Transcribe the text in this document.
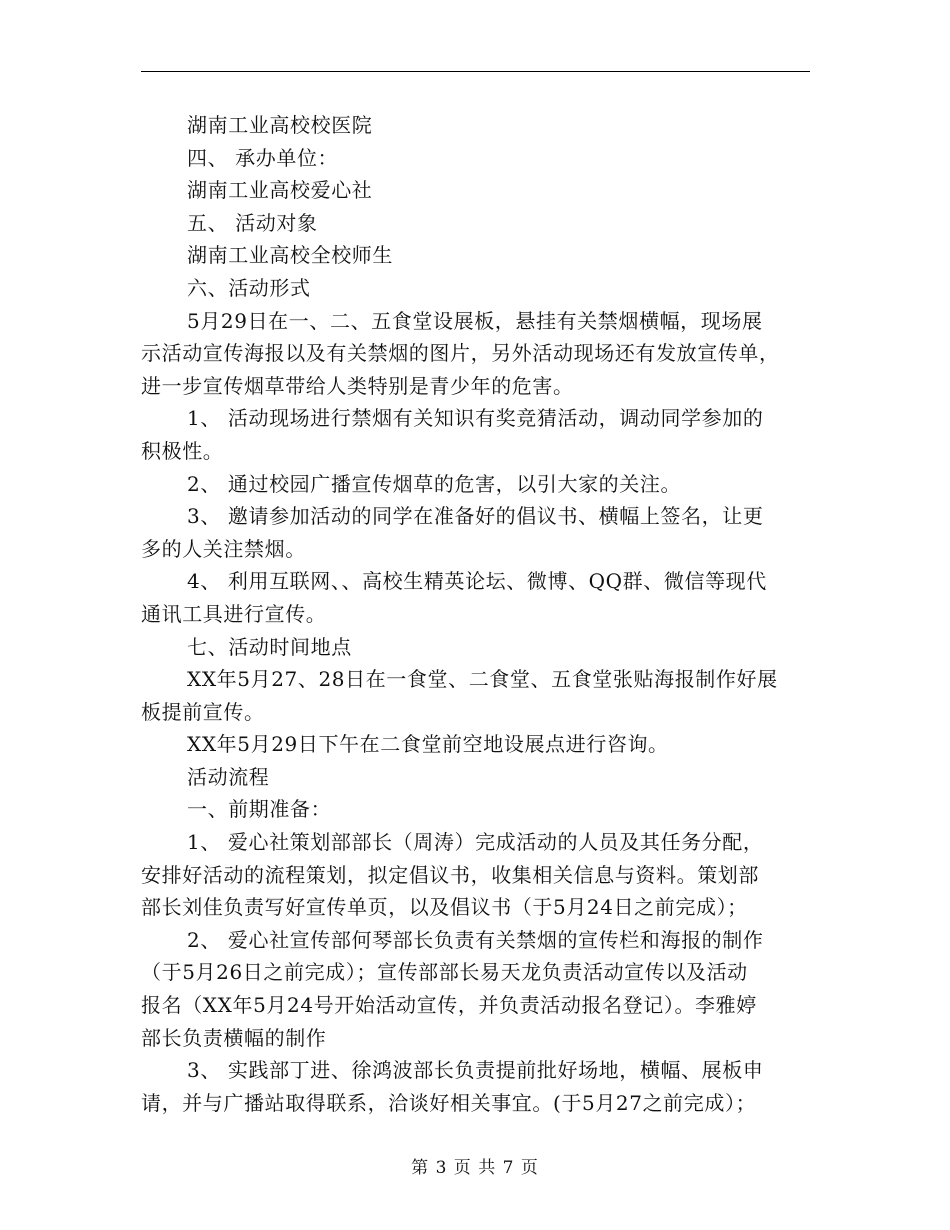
湖南工业高校校医院
四、 承办单位：
湖南工业高校爱心社
五、 活动对象
湖南工业高校全校师生
六、活动形式
5月29日在一、二、五食堂设展板，悬挂有关禁烟横幅，现场展
示活动宣传海报以及有关禁烟的图片，另外活动现场还有发放宣传单，
进一步宣传烟草带给人类特别是青少年的危害。
1、 活动现场进行禁烟有关知识有奖竞猜活动，调动同学参加的
积极性。
2、 通过校园广播宣传烟草的危害，以引大家的关注。
3、 邀请参加活动的同学在准备好的倡议书、横幅上签名，让更
多的人关注禁烟。
4、 利用互联网、、高校生精英论坛、微博、QQ群、微信等现代
通讯工具进行宣传。
七、活动时间地点
XX年5月27、28日在一食堂、二食堂、五食堂张贴海报制作好展
板提前宣传。
XX年5月29日下午在二食堂前空地设展点进行咨询。
活动流程
一、前期准备：
1、 爱心社策划部部长（周涛）完成活动的人员及其任务分配，
安排好活动的流程策划，拟定倡议书，收集相关信息与资料。策划部
部长刘佳负责写好宣传单页，以及倡议书（于5月24日之前完成）；
2、 爱心社宣传部何琴部长负责有关禁烟的宣传栏和海报的制作
（于5月26日之前完成）；宣传部部长易天龙负责活动宣传以及活动
报名（XX年5月24号开始活动宣传，并负责活动报名登记）。李雅婷
部长负责横幅的制作
3、 实践部丁进、徐鸿波部长负责提前批好场地，横幅、展板申
请，并与广播站取得联系，洽谈好相关事宜。(于5月27之前完成）；
第 3 页 共 7 页
